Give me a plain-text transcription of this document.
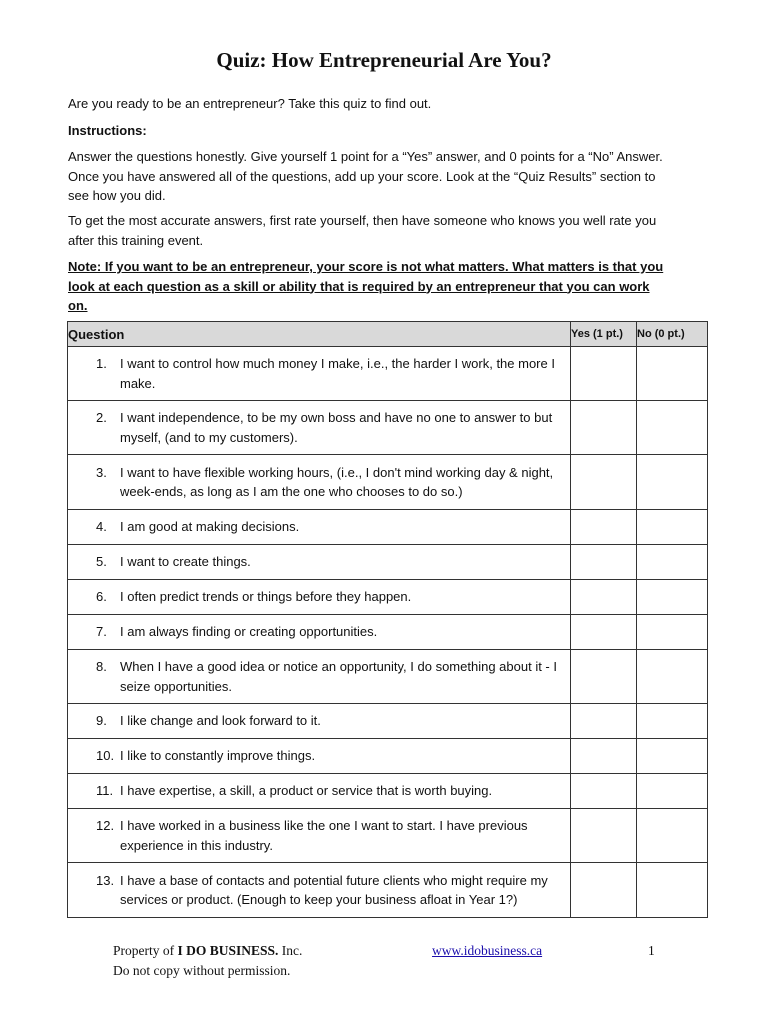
Quiz: How Entrepreneurial Are You?
Are you ready to be an entrepreneur? Take this quiz to find out.
Instructions:
Answer the questions honestly. Give yourself 1 point for a “Yes” answer, and 0 points for a “No” Answer. Once you have answered all of the questions, add up your score. Look at the “Quiz Results” section to see how you did.
To get the most accurate answers, first rate yourself, then have someone who knows you well rate you after this training event.
Note: If you want to be an entrepreneur, your score is not what matters. What matters is that you look at each question as a skill or ability that is required by an entrepreneur that you can work on.
Question	Yes (1 pt.)	No (0 pt.)

1. I want to control how much money I make, i.e., the harder I work, the more I make.		

2. I want independence, to be my own boss and have no one to answer to but myself, (and to my customers).		

3. I want to have flexible working hours, (i.e., I don't mind working day & night, week-ends, as long as I am the one who chooses to do so.)		

4. I am good at making decisions.		

5. I want to create things.		

6. I often predict trends or things before they happen.		

7. I am always finding or creating opportunities.		

8. When I have a good idea or notice an opportunity, I do something about it - I seize opportunities.		

9. I like change and look forward to it.		

10. I like to constantly improve things.		

11. I have expertise, a skill, a product or service that is worth buying.		

12. I have worked in a business like the one I want to start. I have previous experience in this industry.		

13. I have a base of contacts and potential future clients who might require my services or product. (Enough to keep your business afloat in Year 1?)		

Property of I DO BUSINESS. Inc.
Do not copy without permission.
www.idobusiness.ca	1
